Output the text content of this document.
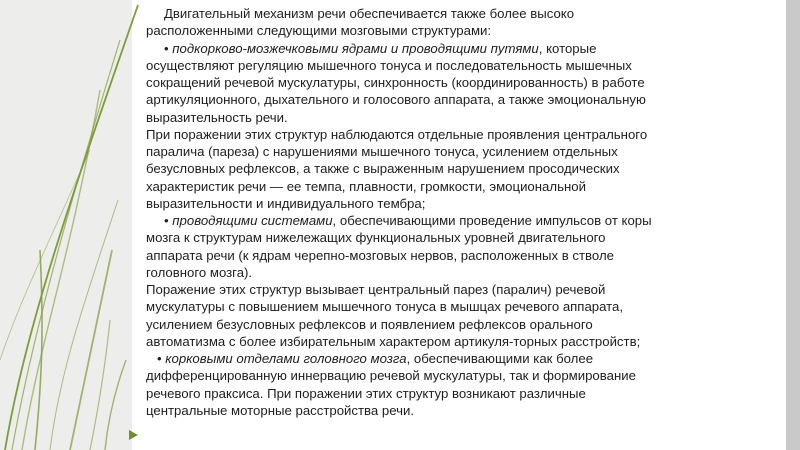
Двигательный механизм речи обеспечивается также более высоко

расположенными следующими мозговыми структурами:

• подкорково-мозжечковыми ядрами и проводящими путями, которые

осуществляют регуляцию мышечного тонуса и последовательность мышечных

сокращений речевой мускулатуры, синхронность (координированность) в работе

артикуляционного, дыхательного и голосового аппарата, а также эмоциональную

выразительность речи.

При поражении этих структур наблюдаются отдельные проявления центрального

паралича (пареза) с нарушениями мышечного тонуса, усилением отдельных

безусловных рефлексов, а также с выраженным нарушением просодических

характеристик речи — ее темпа, плавности, громкости, эмоциональной

выразительности и индивидуального тембра;

• проводящими системами, обеспечивающими проведение импульсов от коры

мозга к структурам нижележащих функциональных уровней двигательного

аппарата речи (к ядрам черепно-мозговых нервов, расположенных в стволе

головного мозга).

Поражение этих структур вызывает центральный парез (паралич) речевой

мускулатуры с повышением мышечного тонуса в мышцах речевого аппарата,

усилением безусловных рефлексов и появлением рефлексов орального

автоматизма с более избирательным характером артикуля-торных расстройств;

• корковыми отделами головного мозга, обеспечивающими как более

дифференцированную иннервацию речевой мускулатуры, так и формирование

речевого праксиса. При поражении этих структур возникают различные

центральные моторные расстройства речи.
